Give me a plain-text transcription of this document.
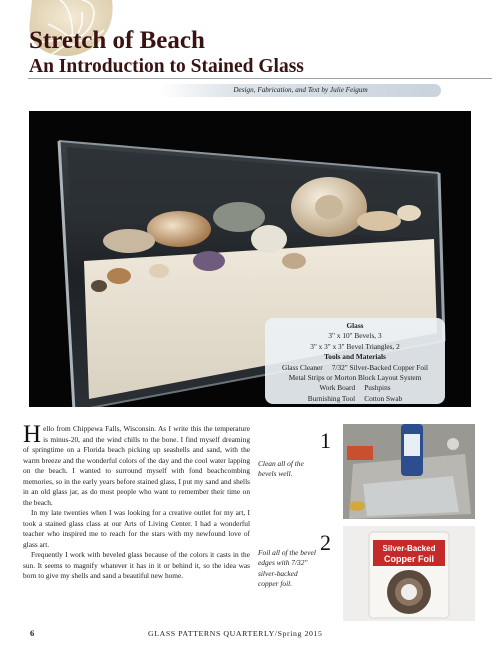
Stretch of Beach
An Introduction to Stained Glass
Design, Fabrication, and Text by Julie Feigum
Glass
3" x 10" Bevels, 3
3" x 3" x 3" Bevel Triangles, 2
Tools and Materials
Glass Cleaner     7/32" Silver-Backed Copper Foil
Metal Strips or Morton Block Layout System
Work Board     Pushpins
Burnishing Tool     Cotton Swab

Hello from Chippewa Falls, Wisconsin. As I write this the temperature is minus-20, and the wind chills to the bone. I find myself dreaming of springtime on a Florida beach picking up seashells and sand, with the warm breeze and the wonderful colors of the day and the cool water lapping on the beach. I wanted to surround myself with fond beachcombing memories, so in the early years before stained glass, I put my sand and shells in an old glass jar, as do most people who want to remember their time on the beach.

In my late twenties when I was looking for a creative outlet for my art, I took a stained glass class at our Arts of Living Center. I had a wonderful teacher who inspired me to reach for the stars with my newfound love of glass art.

Frequently I work with beveled glass because of the colors it casts in the sun. It seems to magnify whatever it has in it or behind it, so the idea was born to give my shells and sand a beautiful new home.

Clean all of the bevels well.
1
Foil all of the bevel edges with 7/32" silver-backed copper foil.
2	Silver-Backed
Copper Foil
6	GLASS PATTERNS QUARTERLY/Spring 2015
